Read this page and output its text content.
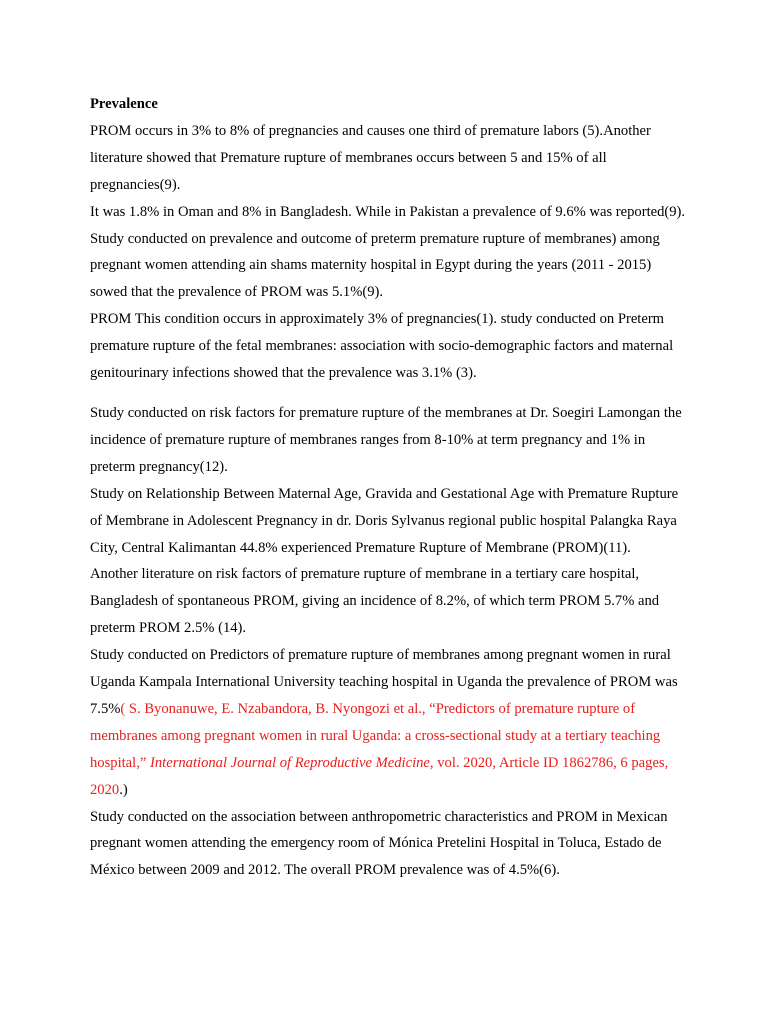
Prevalence

PROM occurs in 3% to 8% of pregnancies and causes one third of premature labors (5).Another literature showed that Premature rupture of membranes occurs between 5 and 15% of all pregnancies(9).

It was 1.8% in Oman and 8% in Bangladesh. While in Pakistan a prevalence of 9.6% was reported(9).

Study conducted on prevalence and outcome of preterm premature rupture of membranes) among pregnant women attending ain shams maternity hospital in Egypt during the years (2011 - 2015) sowed that the prevalence of PROM was 5.1%(9).

PROM This condition occurs in approximately 3% of pregnancies(1). study conducted on Preterm premature rupture of the fetal membranes: association with socio-demographic factors and maternal genitourinary infections showed that the prevalence was 3.1% (3).

Study conducted on risk factors for premature rupture of the membranes at Dr. Soegiri Lamongan the incidence of premature rupture of membranes ranges from 8-10% at term pregnancy and 1% in preterm pregnancy(12).

Study on Relationship Between Maternal Age, Gravida and Gestational Age with Premature Rupture of Membrane in Adolescent Pregnancy in dr. Doris Sylvanus regional public hospital Palangka Raya City, Central Kalimantan 44.8% experienced Premature Rupture of Membrane (PROM)(11).

Another literature on risk factors of premature rupture of membrane in a tertiary care hospital, Bangladesh of spontaneous PROM, giving an incidence of 8.2%, of which term PROM 5.7% and preterm PROM 2.5% (14).

Study conducted on Predictors of premature rupture of membranes among pregnant women in rural Uganda Kampala International University teaching hospital in Uganda the prevalence of PROM was 7.5%( S. Byonanuwe, E. Nzabandora, B. Nyongozi et al., “Predictors of premature rupture of membranes among pregnant women in rural Uganda: a cross-sectional study at a tertiary teaching hospital,” International Journal of Reproductive Medicine, vol. 2020, Article ID 1862786, 6 pages, 2020.)

Study conducted on the association between anthropometric characteristics and PROM in Mexican pregnant women attending the emergency room of Mónica Pretelini Hospital in Toluca, Estado de México between 2009 and 2012. The overall PROM prevalence was of 4.5%(6).
